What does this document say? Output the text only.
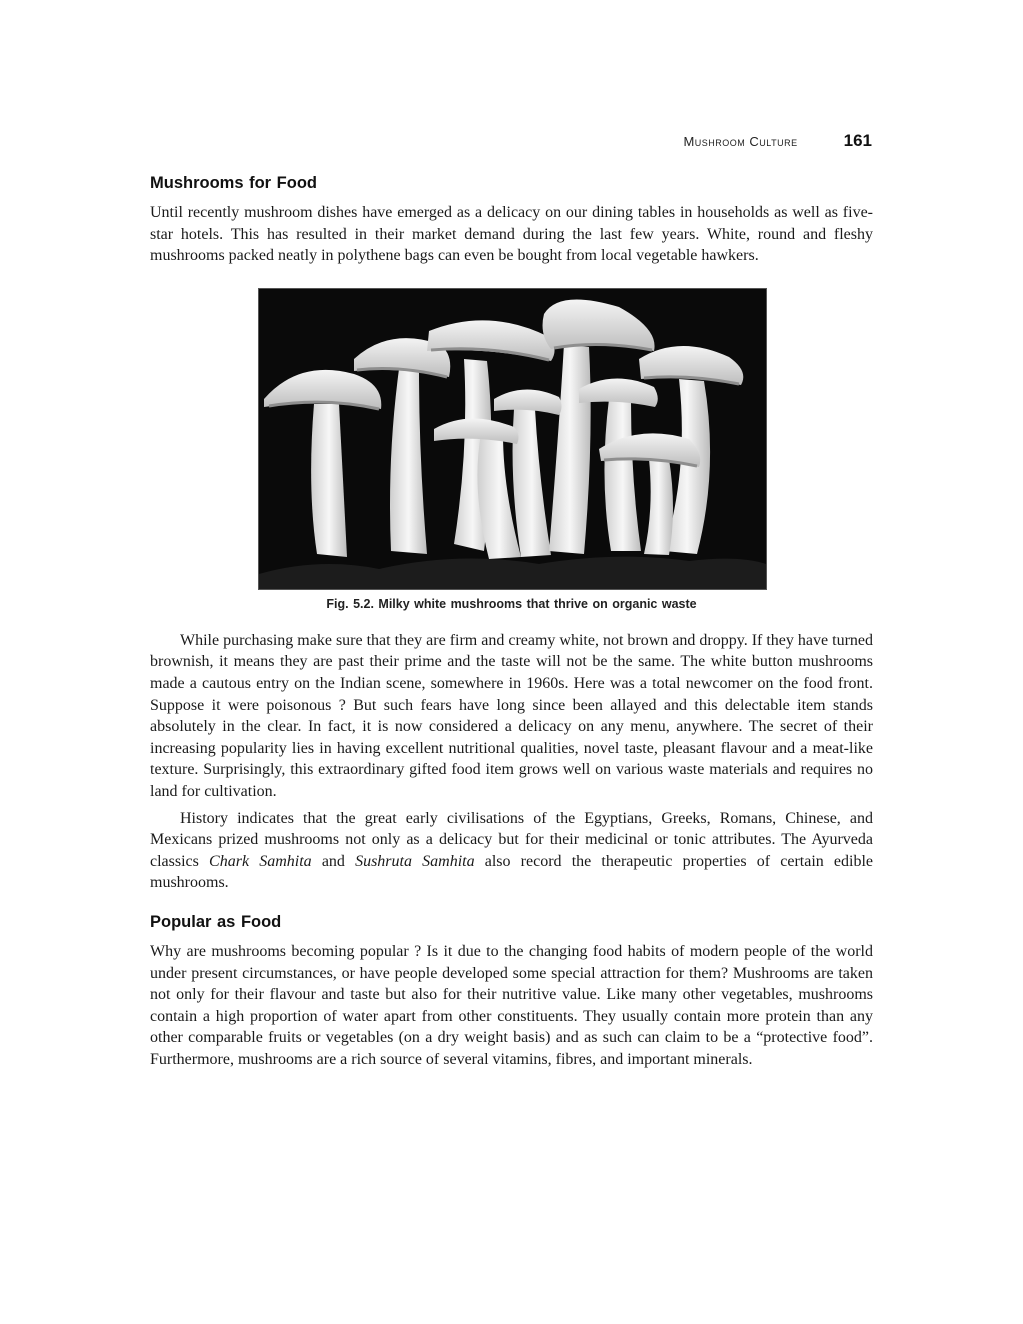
Mushroom Culture	161
Mushrooms for Food

Until recently mushroom dishes have emerged as a delicacy on our dining tables in households as well as five-star hotels. This has resulted in their market demand during the last few years. White, round and fleshy mushrooms packed neatly in polythene bags can even be bought from local vegetable hawkers.

Fig. 5.2. Milky white mushrooms that thrive on organic waste

While purchasing make sure that they are firm and creamy white, not brown and droppy. If they have turned brownish, it means they are past their prime and the taste will not be the same. The white button mushrooms made a cautous entry on the Indian scene, somewhere in 1960s. Here was a total newcomer on the food front. Suppose it were poisonous ? But such fears have long since been allayed and this delectable item stands absolutely in the clear. In fact, it is now considered a delicacy on any menu, anywhere. The secret of their increasing popularity lies in having excellent nutritional qualities, novel taste, pleasant flavour and a meat-like texture. Surprisingly, this extraordinary gifted food item grows well on various waste materials and requires no land for cultivation.

History indicates that the great early civilisations of the Egyptians, Greeks, Romans, Chinese, and Mexicans prized mushrooms not only as a delicacy but for their medicinal or tonic attributes. The Ayurveda classics Chark Samhita and Sushruta Samhita also record the therapeutic properties of certain edible mushrooms.

Popular as Food

Why are mushrooms becoming popular ? Is it due to the changing food habits of modern people of the world under present circumstances, or have people developed some special attraction for them? Mushrooms are taken not only for their flavour and taste but also for their nutritive value. Like many other vegetables, mushrooms contain a high proportion of water apart from other constituents. They usually contain more protein than any other comparable fruits or vegetables (on a dry weight basis) and as such can claim to be a “protective food”. Furthermore, mushrooms are a rich source of several vitamins, fibres, and important minerals.
